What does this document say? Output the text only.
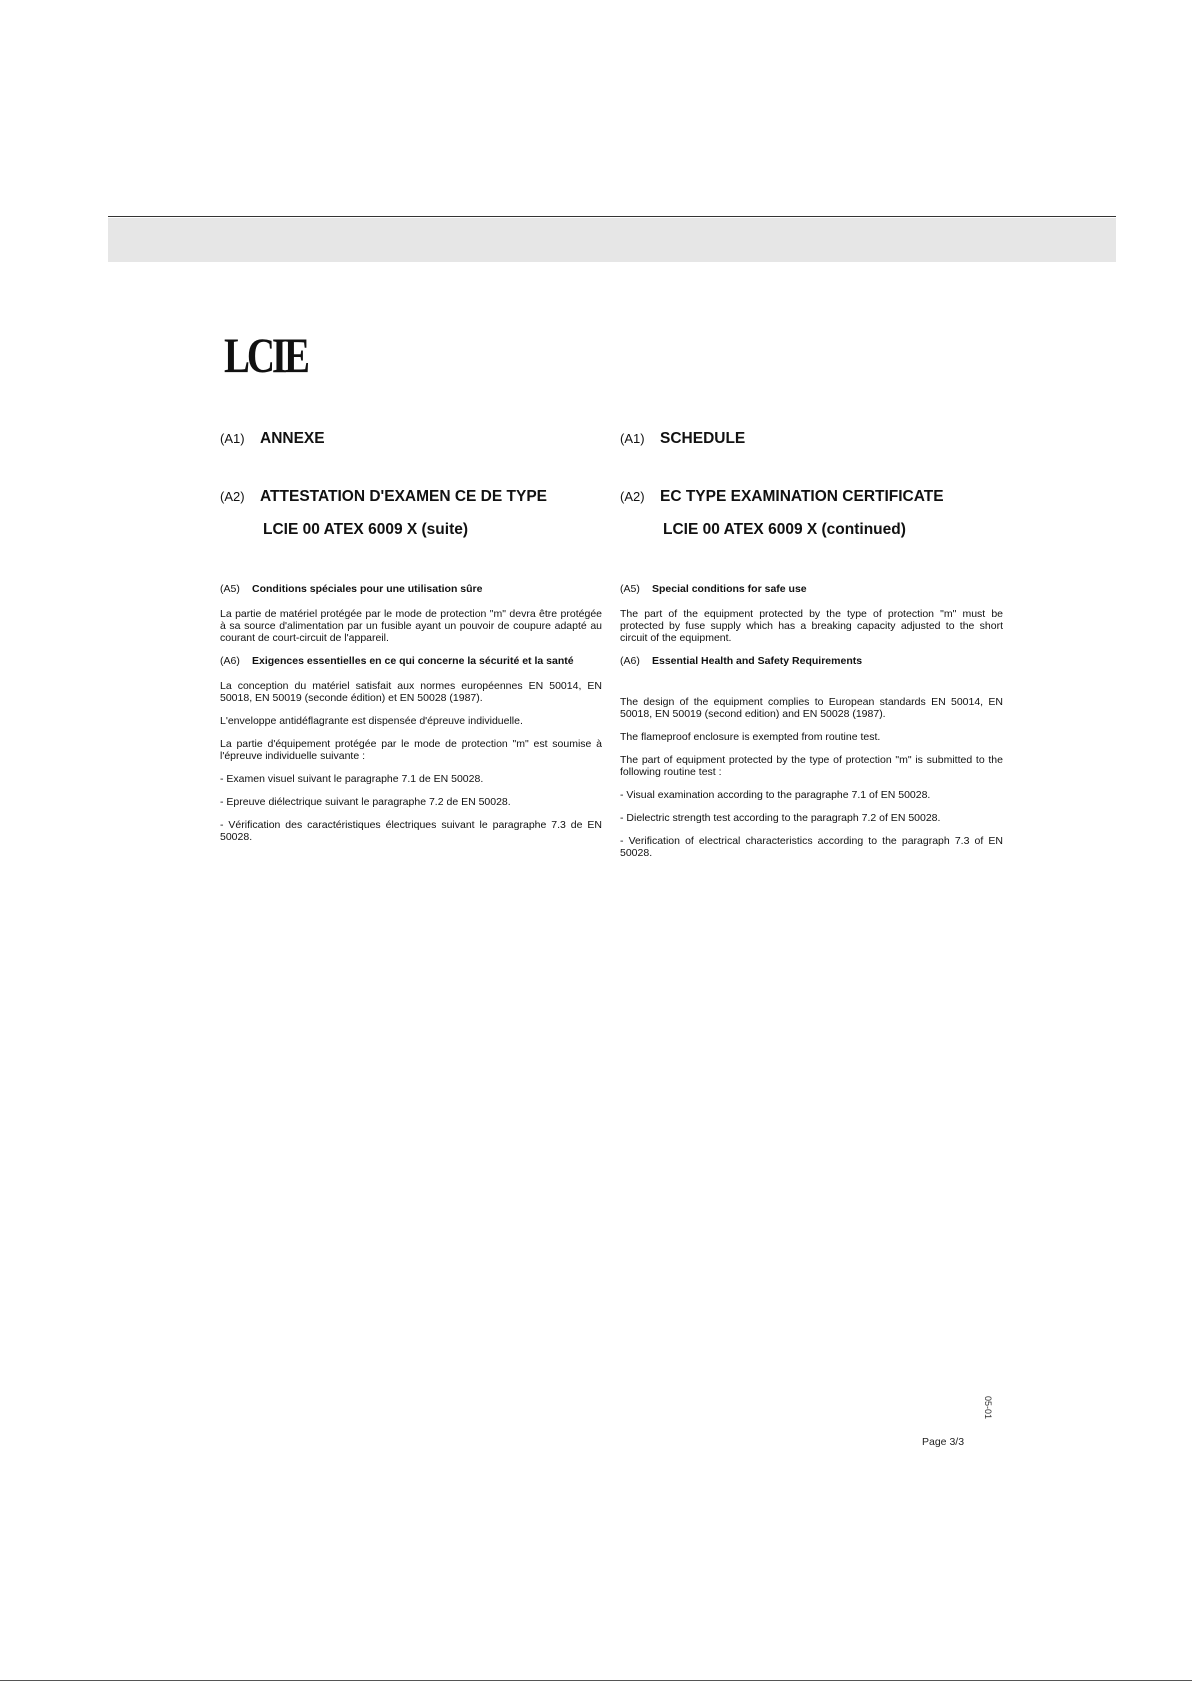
LCIE
(A1) ANNEXE
(A2) ATTESTATION D'EXAMEN CE DE TYPE
LCIE 00 ATEX 6009 X (suite)
(A5)	Conditions spéciales pour une utilisation sûre

La partie de matériel protégée par le mode de protection "m" devra être protégée à sa source d'alimentation par un fusible ayant un pouvoir de coupure adapté au courant de court-circuit de l'appareil.

(A6)	Exigences essentielles en ce qui concerne la sécurité et la santé

La conception du matériel satisfait aux normes européennes EN 50014, EN 50018, EN 50019 (seconde édition) et EN 50028 (1987).

L'enveloppe antidéflagrante est dispensée d'épreuve individuelle.

La partie d'équipement protégée par le mode de protection "m" est soumise à l'épreuve individuelle suivante :

- Examen visuel suivant le paragraphe 7.1 de EN 50028.

- Epreuve diélectrique suivant le paragraphe 7.2 de EN 50028.

- Vérification des caractéristiques électriques suivant le paragraphe 7.3 de EN 50028.

(A1) SCHEDULE
(A2) EC TYPE EXAMINATION CERTIFICATE
LCIE 00 ATEX 6009 X (continued)
(A5)	Special conditions for safe use

The part of the equipment protected by the type of protection "m" must be protected by fuse supply which has a breaking capacity adjusted to the short circuit of the equipment.

(A6)	Essential Health and Safety Requirements

The design of the equipment complies to European standards EN 50014, EN 50018, EN 50019 (second edition) and EN 50028 (1987).

The flameproof enclosure is exempted from routine test.

The part of equipment protected by the type of protection "m" is submitted to the following routine test :

- Visual examination according to the paragraphe 7.1 of EN 50028.

- Dielectric strength test according to the paragraph 7.2 of EN 50028.

- Verification of electrical characteristics according to the paragraph 7.3 of EN 50028.

05-01
Page 3/3
